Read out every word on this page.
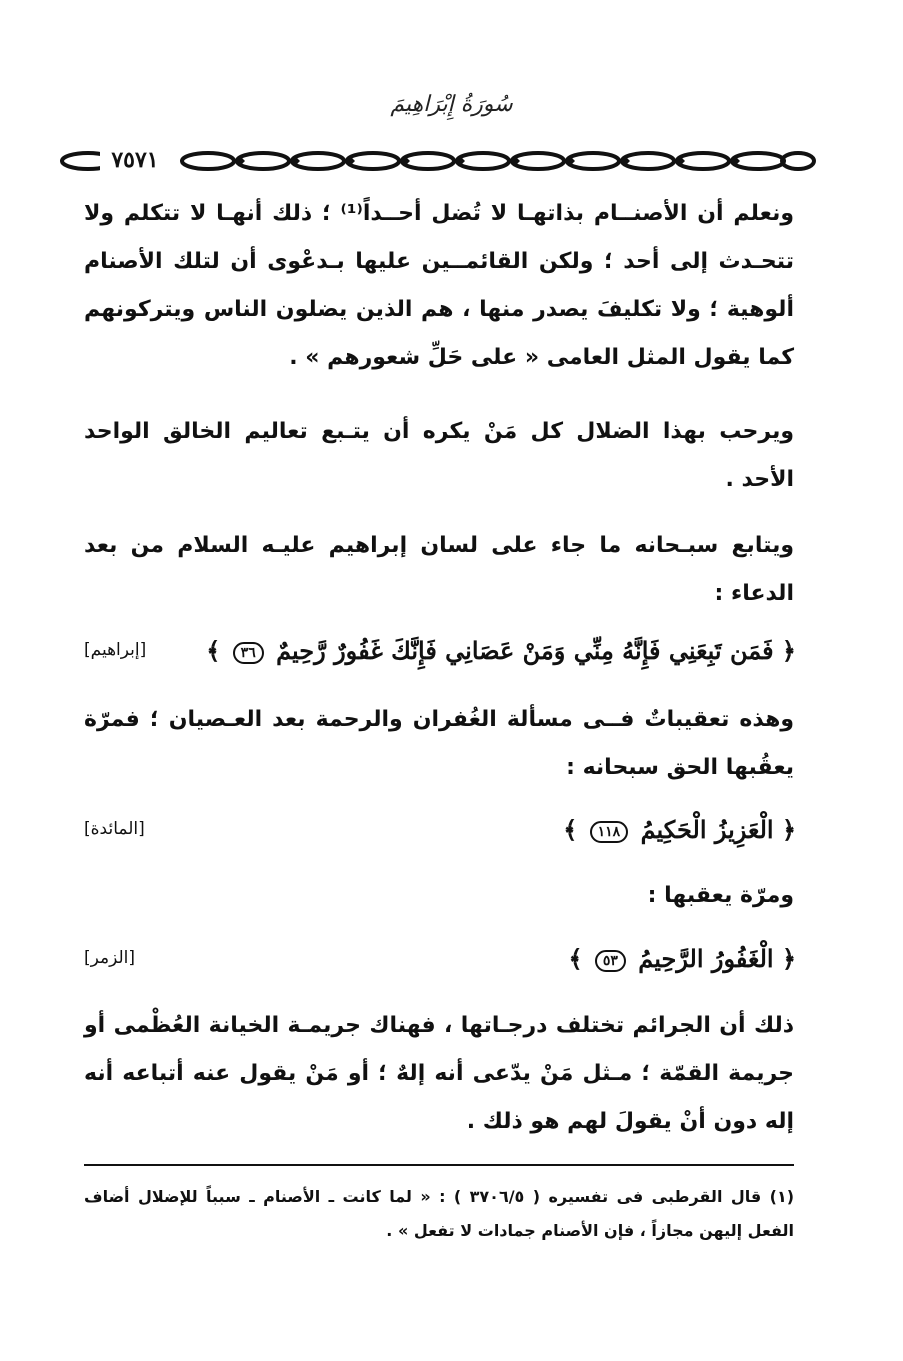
سُورَةُ إِبْرَاهِيمَ
٧٥٧١
ونعلم أن الأصنــام بذاتهـا لا تُضل أحــداً⁽¹⁾ ؛ ذلك أنهـا لا تتكلم ولا تتحـدث إلى أحد ؛ ولكن القائمــين عليها بـدعْوى أن لتلك الأصنام ألوهية ؛ ولا تكليفَ يصدر منها ، هم الذين يضلون الناس ويتركونهم كما يقول المثل العامى « على حَلِّ شعورهم » .
ويرحب بهذا الضلال كل مَنْ يكره أن يتـبع تعاليم الخالق الواحد الأحد .
ويتابع سبـحانه ما جاء على لسان إبراهيم عليـه السلام من بعد الدعاء :
﴿ فَمَن تَبِعَنِي فَإِنَّهُ مِنِّي وَمَنْ عَصَانِي فَإِنَّكَ غَفُورٌ رَّحِيمٌ ٣٦ ﴾
[إبراهيم]
وهذه تعقيباتٌ فــى مسألة الغُفران والرحمة بعد العـصيان ؛ فمرّة يعقُبها الحق سبحانه :
﴿ الْعَزِيزُ الْحَكِيمُ ١١٨ ﴾
[المائدة]
ومرّة يعقبها :
﴿ الْغَفُورُ الرَّحِيمُ ٥٣ ﴾
[الزمر]
ذلك أن الجرائم تختلف درجـاتها ، فهناك جريمـة الخيانة العُظْمى أو جريمة القمّة ؛ مـثل مَنْ يدّعى أنه إلهٌ ؛ أو مَنْ يقول عنه أتباعه أنه إله دون أنْ يقولَ لهم هو ذلك .
(١) قال القرطبى فى تفسيره ( ٣٧٠٦/٥ ) : « لما كانت ـ الأصنام ـ سبباً للإضلال أضاف الفعل إليهن مجازاً ، فإن الأصنام جمادات لا تفعل » .
